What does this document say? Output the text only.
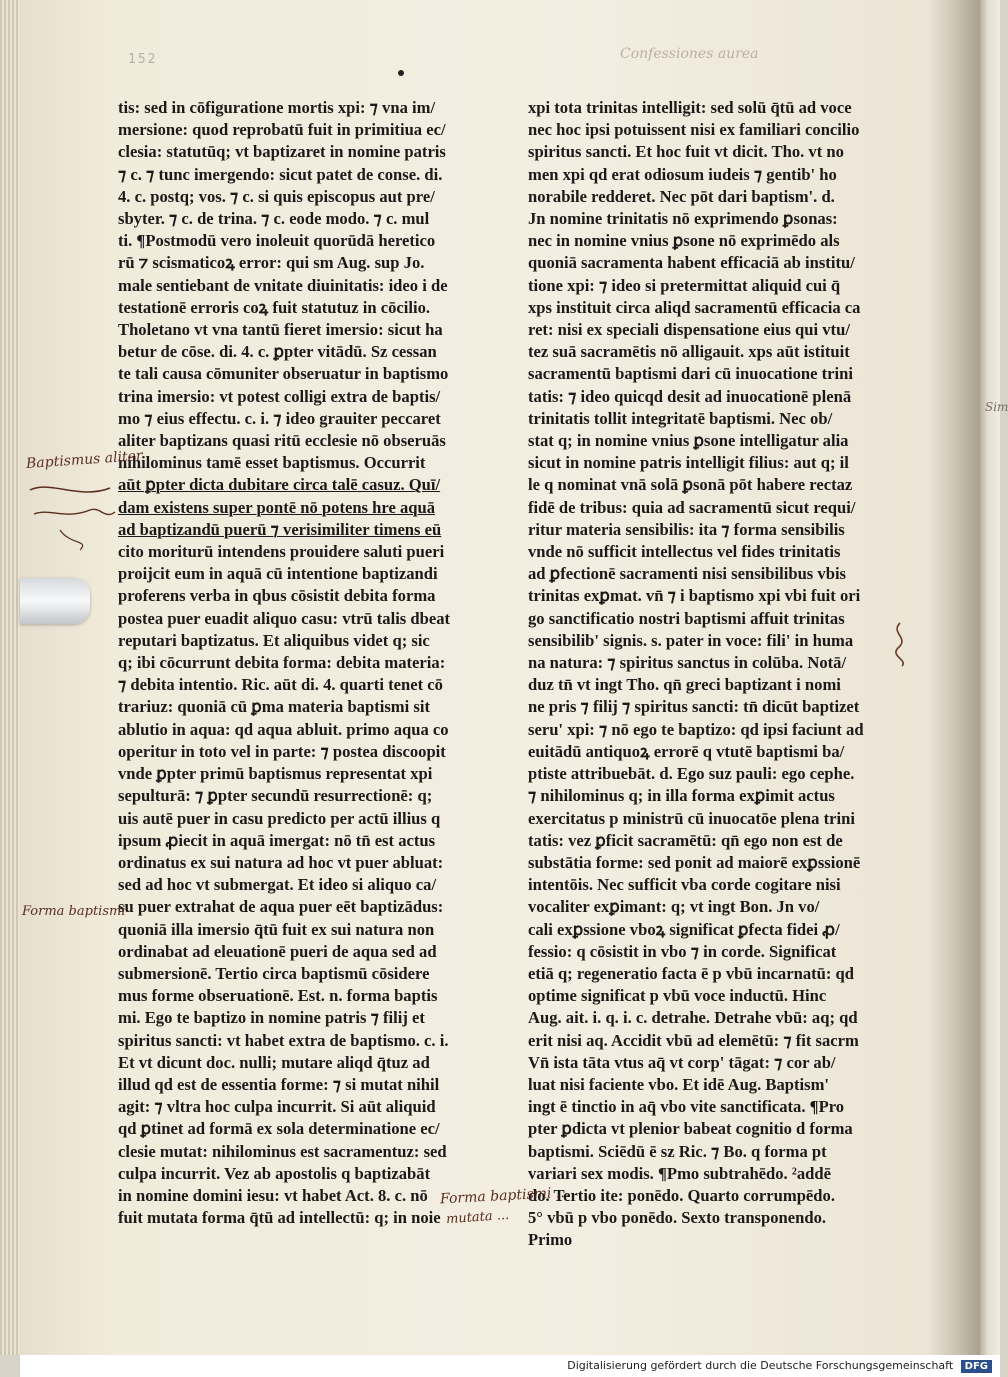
152	Confessiones aurea
tis: sed in cōfiguratione mortis xpi: ⁊ vna im/
mersione: quod reprobatū fuit in primitiua ec/
clesia: statutūq; vt baptizaret in nomine patris
⁊ c. ⁊ tunc imergendo: sicut patet de conse. di.
4. c. postq; vos. ⁊ c. si quis episcopus aut pre/
sbyter. ⁊ c. de trina. ⁊ c. eode modo. ⁊ c. mul
ti. ¶Postmodū vero inoleuit quorūdā heretico
rū ⁊ scismaticoꝝ error: qui sm Aug. sup Jo.
male sentiebant de vnitate diuinitatis: ideo i de
testationē erroris coꝝ fuit statutuz in cōcilio.
Tholetano vt vna tantū fieret imersio: sicut ha
betur de cōse. di. 4. c. ꝑpter vitādū. Sz cessan
te tali causa cōmuniter obseruatur in baptismo
trina imersio: vt potest colligi extra de baptis/
mo ⁊ eius effectu. c. i. ⁊ ideo grauiter peccaret
aliter baptizans quasi ritū ecclesie nō obseruās
nihilominus tamē esset baptismus. Occurrit
aūt ꝑpter dicta dubitare circa talē casuz. Quī/
dam existens super pontē nō potens hre aquā
ad baptizandū puerū ⁊ verisimiliter timens eū
cito moriturū intendens prouidere saluti pueri
proijcit eum in aquā cū intentione baptizandi
proferens verba in qbus cōsistit debita forma
postea puer euadit aliquo casu: vtrū talis dbeat
reputari baptizatus. Et aliquibus videt q; sic
q; ibi cōcurrunt debita forma: debita materia:
⁊ debita intentio. Ric. aūt di. 4. quarti tenet cō
trariuz: quoniā cū ꝑma materia baptismi sit
ablutio in aqua: qd aqua abluit. primo aqua co
operitur in toto vel in parte: ⁊ postea discoopit
vnde ꝑpter primū baptismus representat xpi
sepulturā: ⁊ ꝑpter secundū resurrectionē: q;
uis autē puer in casu predicto per actū illius q
ipsum ꝓiecit in aquā imergat: nō tn̄ est actus
ordinatus ex sui natura ad hoc vt puer abluat:
sed ad hoc vt submergat. Et ideo si aliquo ca/
su puer extrahat de aqua puer eēt baptizādus:
quoniā illa imersio q̄tū fuit ex sui natura non
ordinabat ad eleuationē pueri de aqua sed ad
submersionē. Tertio circa baptismū cōsidere
mus forme obseruationē. Est. n. forma baptis
mi. Ego te baptizo in nomine patris ⁊ filij et
spiritus sancti: vt habet extra de baptismo. c. i.
Et vt dicunt doc. nulli; mutare aliqd q̄tuz ad
illud qd est de essentia forme: ⁊ si mutat nihil
agit: ⁊ vltra hoc culpa incurrit. Si aūt aliquid
qd ꝑtinet ad formā ex sola determinatione ec/
clesie mutat: nihilominus est sacramentuz: sed
culpa incurrit. Vez ab apostolis q baptizabāt
in nomine domini iesu: vt habet Act. 8. c. nō
fuit mutata forma q̄tū ad intellectū: q; in noie
xpi tota trinitas intelligit: sed solū q̄tū ad voce
nec hoc ipsi potuissent nisi ex familiari concilio
spiritus sancti. Et hoc fuit vt dicit. Tho. vt no
men xpi qd erat odiosum iudeis ⁊ gentib' ho
norabile redderet. Nec pōt dari baptism'. d.
Jn nomine trinitatis nō exprimendo ꝑsonas:
nec in nomine vnius ꝑsone nō exprimēdo als
quoniā sacramenta habent efficaciā ab institu/
tione xpi: ⁊ ideo si pretermittat aliquid cui q̄
xps instituit circa aliqd sacramentū efficacia ca
ret: nisi ex speciali dispensatione eius qui vtu/
tez suā sacramētis nō alligauit. xps aūt istituit
sacramentū baptismi dari cū inuocatione trini
tatis: ⁊ ideo quicqd desit ad inuocationē plenā
trinitatis tollit integritatē baptismi. Nec ob/
stat q; in nomine vnius ꝑsone intelligatur alia
sicut in nomine patris intelligit filius: aut q; il
le q nominat vnā solā ꝑsonā pōt habere rectaz
fidē de tribus: quia ad sacramentū sicut requi/
ritur materia sensibilis: ita ⁊ forma sensibilis
vnde nō sufficit intellectus vel fides trinitatis
ad ꝑfectionē sacramenti nisi sensibilibus vbis
trinitas exꝑmat. vn̄ ⁊ i baptismo xpi vbi fuit ori
go sanctificatio nostri baptismi affuit trinitas
sensibilib' signis. s. pater in voce: fili' in huma
na natura: ⁊ spiritus sanctus in colūba. Notā/
duz tn̄ vt ingt Tho. qn̄ greci baptizant i nomi
ne pris ⁊ filij ⁊ spiritus sancti: tn̄ dicūt baptizet
seru' xpi: ⁊ nō ego te baptizo: qd ipsi faciunt ad
euitādū antiquoꝝ errorē q vtutē baptismi ba/
ptiste attribuebāt. d. Ego suz pauli: ego cephe.
⁊ nihilominus q; in illa forma exꝑimit actus
exercitatus p ministrū cū inuocatōe plena trini
tatis: vez ꝑficit sacramētū: qn̄ ego non est de
substātia forme: sed ponit ad maiorē exꝑssionē
intentōis. Nec sufficit vba corde cogitare nisi
vocaliter exꝑimant: q; vt ingt Bon. Jn vo/
cali exꝑssione vboꝝ significat ꝑfecta fidei ꝓ/
fessio: q cōsistit in vbo ⁊ in corde. Significat
etiā q; regeneratio facta ē p vbū incarnatū: qd
optime significat p vbū voce inductū. Hinc
Aug. ait. i. q. i. c. detrahe. Detrahe vbū: aq; qd
erit nisi aq. Accidit vbū ad elemētū: ⁊ fit sacrm
Vn̄ ista tāta vtus aq̄ vt corp' tāgat: ⁊ cor ab/
luat nisi faciente vbo. Et idē Aug. Baptism'
ingt ē tinctio in aq̄ vbo vite sanctificata. ¶Pro
pter ꝑdicta vt plenior babeat cognitio d forma
baptismi. Sciēdū ē sz Ric. ⁊ Bo. q forma pt
variari sex modis. ¶Pmo subtrahēdo. ²addē
do. Tertio ite: ponēdo. Quarto corrumpēdo.
5° vbū p vbo ponēdo. Sexto transponendo.
Primo
Baptismus aliter
Forma baptismi
Forma baptismi ...
mutata ...
Sim
Digitalisierung gefördert durch die Deutsche Forschungsgemeinschaft DFG
